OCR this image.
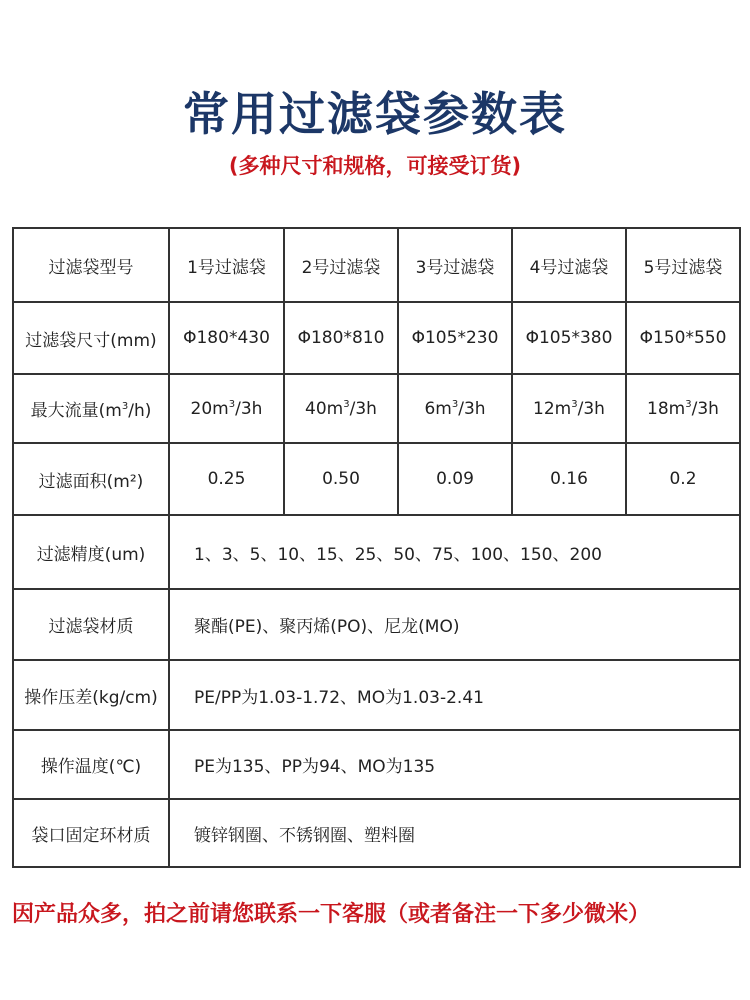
常用过滤袋参数表
(多种尺寸和规格，可接受订货)
过滤袋型号	1号过滤袋	2号过滤袋	3号过滤袋	4号过滤袋	5号过滤袋
过滤袋尺寸(mm)	Φ180*430	Φ180*810	Φ105*230	Φ105*380	Φ150*550
最大流量$(m^3/h)$	$20m^3/3h$	$40m^3/3h$	$6m^3/3h$	$12m^3/3h$	$18m^3/3h$
过滤面积(m²)	0.25	0.50	0.09	0.16	0.2
过滤精度(um)	1、3、5、10、15、25、50、75、100、150、200				
过滤袋材质	聚酯(PE)、聚丙烯(PO)、尼龙(MO)				
操作压差(kg/cm)	PE/PP为1.03-1.72、MO为1.03-2.41				
操作温度(℃)	PE为135、PP为94、MO为135				
袋口固定环材质	镀锌钢圈、不锈钢圈、塑料圈				
因产品众多，拍之前请您联系一下客服（或者备注一下多少微米）
